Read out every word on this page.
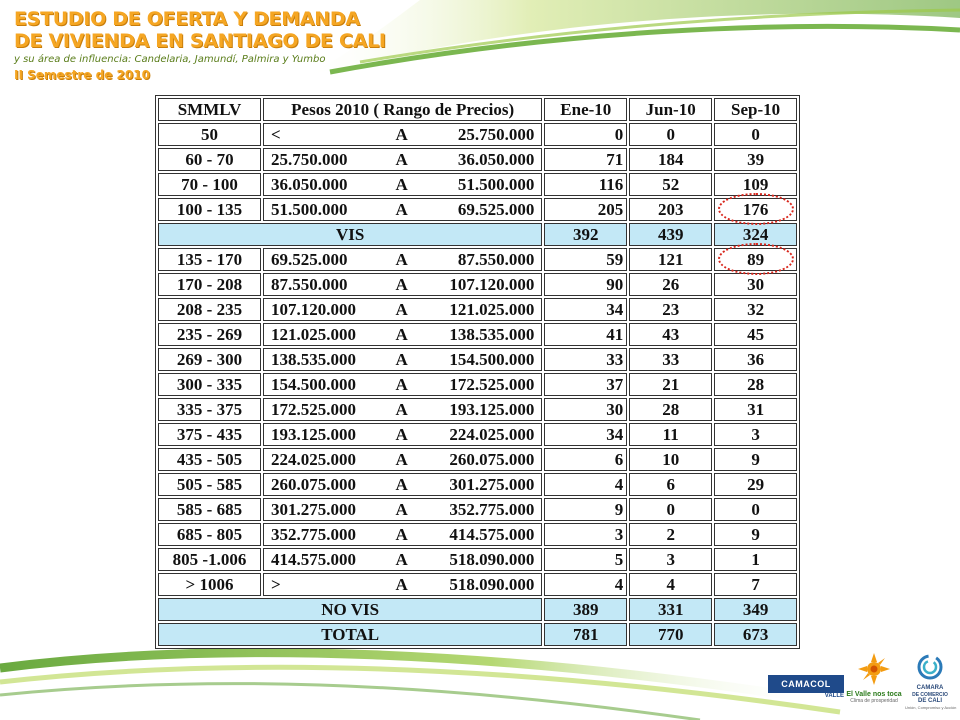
ESTUDIO DE OFERTA Y DEMANDA
DE VIVIENDA EN SANTIAGO DE CALI
y su área de influencia: Candelaria, Jamundí, Palmira y Yumbo
II Semestre de 2010
SMMLV	Pesos 2010 ( Rango de Precios)	Ene-10	Jun-10	Sep-10
50	< A 25.750.000	0	0	0
60 - 70	25.750.000 A 36.050.000	71	184	39
70 - 100	36.050.000 A 51.500.000	116	52	109
100 - 135	51.500.000 A 69.525.000	205	203	176
VIS		392	439	324
135 - 170	69.525.000 A 87.550.000	59	121	89
170 - 208	87.550.000 A 107.120.000	90	26	30
208 - 235	107.120.000 A 121.025.000	34	23	32
235 - 269	121.025.000 A 138.535.000	41	43	45
269 - 300	138.535.000 A 154.500.000	33	33	36
300 - 335	154.500.000 A 172.525.000	37	21	28
335 - 375	172.525.000 A 193.125.000	30	28	31
375 - 435	193.125.000 A 224.025.000	34	11	3
435 - 505	224.025.000 A 260.075.000	6	10	9
505 - 585	260.075.000 A 301.275.000	4	6	29
585 - 685	301.275.000 A 352.775.000	9	0	0
685 - 805	352.775.000 A 414.575.000	3	2	9
805 -1.006	414.575.000 A 518.090.000	5	3	1
> 1006	> A 518.090.000	4	4	7
NO VIS		389	331	349
TOTAL		781	770	673
CAMACOL
VALLE El Valle nos toca
Clima de prosperidad
CAMARA
DE COMERCIO
DE CALI
Unión, Compromiso y Acción
